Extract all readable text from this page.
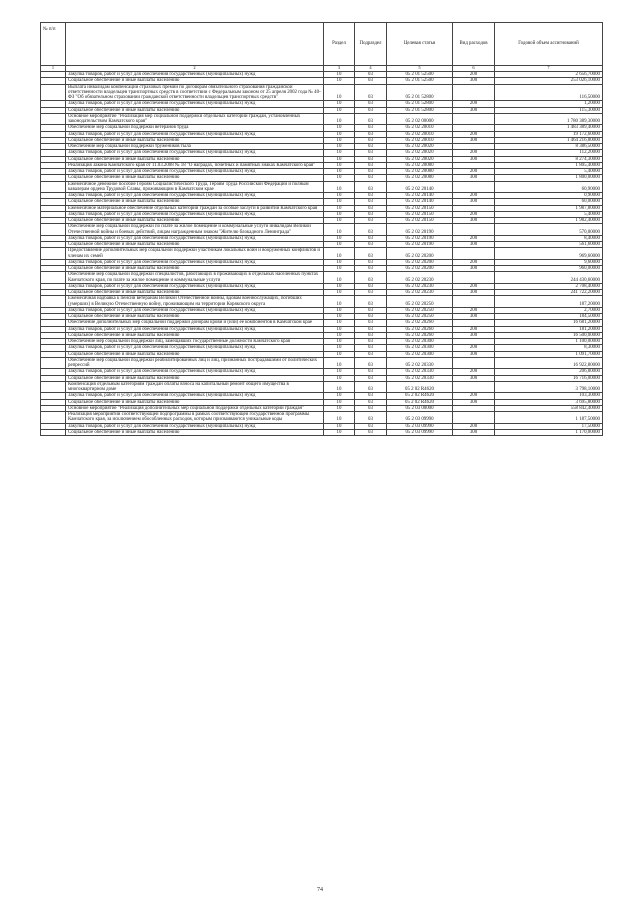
№ п/п		Раздел	Подраздел	Целевая статья	Вид расходов	Годовой объем ассигнований
1	2	3	4	5	6	7
	Закупка товаров, работ и услуг для обеспечения государственных (муниципальных) нужд	10	03	05 2 01 52500	200	2 656,70000
	Социальное обеспечение и иные выплаты населению	10	03	05 2 01 52500	300	253 026,10000
	Выплата инвалидам компенсаций страховых премий по договорам обязательного страхования гражданской ответственности владельцев транспортных средств в соответствии с Федеральным законом от 25 апреля 2002 года № 40-ФЗ "Об обязательном страховании гражданской ответственности владельцев транспортных средств"	10	03	05 2 01 52800		116,50000
	Закупка товаров, работ и услуг для обеспечения государственных (муниципальных) нужд	10	03	05 2 01 52800	200	1,20000
	Социальное обеспечение и иные выплаты населению	10	03	05 2 01 52800	300	115,30000
	Основное мероприятие "Реализация мер социальной поддержки отдельных категорий граждан, установленных законодательством Камчатского края"	10	03	05 2 02 00000		1 780 389,30000
	Обеспечение мер социальной поддержки ветеранов труда	10	03	05 2 02 20010		1 483 389,40000
	Закупка товаров, работ и услуг для обеспечения государственных (муниципальных) нужд	10	03	05 2 02 20010	200	19 172,60000
	Социальное обеспечение и иные выплаты населению	10	03	05 2 02 20010	300	1 464 216,80000
	Обеспечение мер социальной поддержки тружеников тыла	10	03	05 2 02 20020		8 386,50000
	Закупка товаров, работ и услуг для обеспечения государственных (муниципальных) нужд	10	03	05 2 02 20020	200	112,20000
	Социальное обеспечение и иные выплаты населению	10	03	05 2 02 20020	300	8 274,30000
	Реализация Закона Камчатского края от 11.03.2008 № 18 "О наградах, почетных и памятных знаках Камчатского края"	10	03	05 2 02 20080		1 805,40000
	Закупка товаров, работ и услуг для обеспечения государственных (муниципальных) нужд	10	03	05 2 02 20080	200	5,40000
	Социальное обеспечение и иные выплаты населению	10	03	05 2 02 20080	300	1 800,00000
	Ежемесячное денежное пособие Героям Социалистического Труда, Героям Труда Российской Федерации и полным кавалерам ордена Трудовой Славы, проживающим в Камчатском крае	10	03	05 2 02 20140		60,90000
	Закупка товаров, работ и услуг для обеспечения государственных (муниципальных) нужд	10	03	05 2 02 20140	200	0,90000
	Социальное обеспечение и иные выплаты населению	10	03	05 2 02 20140	300	60,00000
	Ежемесячное материальное обеспечение отдельных категорий граждан за особые заслуги в развитии Камчатского края	10	03	05 2 02 20150		1 987,80000
	Закупка товаров, работ и услуг для обеспечения государственных (муниципальных) нужд	10	03	05 2 02 20150	200	5,40000
	Социальное обеспечение и иные выплаты населению	10	03	05 2 02 20150	300	1 982,40000
	Обеспечение мер социальной поддержки по плате за жилое помещение и коммунальные услуги инвалидам Великой Отечественной войны и боевых действий, лицам награжденным знаком "Жителю блокадного Ленинграда"	10	03	05 2 02 20190		570,00000
	Закупка товаров, работ и услуг для обеспечения государственных (муниципальных) нужд	10	03	05 2 02 20190	200	8,40000
	Социальное обеспечение и иные выплаты населению	10	03	05 2 02 20190	300	561,60000
	Предоставление дополнительных мер социальной поддержки участникам локальных войн и вооруженных конфликтов и членам их семей	10	03	05 2 02 20200		969,60000
	Закупка товаров, работ и услуг для обеспечения государственных (муниципальных) нужд	10	03	05 2 02 20200	200	9,60000
	Социальное обеспечение и иные выплаты населению	10	03	05 2 02 20200	300	960,00000
	Обеспечение мер социальной поддержки специалистов, работающих в проживающих в отдельных населенных пунктах Камчатского края, по плате за жилое помещение и коммунальные услуги	10	03	05 2 02 20230		244 430,60000
	Закупка товаров, работ и услуг для обеспечения государственных (муниципальных) нужд	10	03	05 2 02 20230	200	2 708,40000
	Социальное обеспечение и иные выплаты населению	10	03	05 2 02 20230	300	241 722,20000
	Ежемесячная надбавка к пенсии ветеранам Великой Отечественной войны, вдовам военнослужащих, погибших (умерших) в Великую Отечественную войну, проживающим на территории Корякского округа	10	03	05 2 02 20250		187,20000
	Закупка товаров, работ и услуг для обеспечения государственных (муниципальных) нужд	10	03	05 2 02 20250	200	2,70000
	Социальное обеспечение и иные выплаты населению	10	03	05 2 02 20250	300	184,50000
	Обеспечение дополнительных мер социальной поддержки донорам крови и (или) ее компонентов в Камчатском крае	10	03	05 2 02 20260		16 681,20000
	Закупка товаров, работ и услуг для обеспечения государственных (муниципальных) нужд	10	03	05 2 02 20260	200	181,20000
	Социальное обеспечение и иные выплаты населению	10	03	05 2 02 20260	300	16 500,00000
	Обеспечение мер социальной поддержки лиц, замещавших государственные должности Камчатского края	10	03	05 2 02 20300		1 100,00000
	Закупка товаров, работ и услуг для обеспечения государственных (муниципальных) нужд	10	03	05 2 02 20300	200	8,30000
	Социальное обеспечение и иные выплаты населению	10	03	05 2 02 20300	300	1 091,70000
	Обеспечение мер социальной поддержки реабилитированных лиц и лиц, признанных пострадавшими от политических репрессий	10	03	05 2 02 20330		16 922,80000
	Закупка товаров, работ и услуг для обеспечения государственных (муниципальных) нужд	10	03	05 2 02 20330	200	206,80000
	Социальное обеспечение и иные выплаты населению	10	03	05 2 02 20330	300	16 716,00000
	Компенсация отдельным категориям граждан оплаты взноса на капитальный ремонт общего имущества в многоквартирном доме	10	03	05 2 02 R4620		3 798,10000
	Закупка товаров, работ и услуг для обеспечения государственных (муниципальных) нужд	10	03	05 2 02 R4620	200	103,30000
	Социальное обеспечение и иные выплаты населению	10	03	05 2 02 R4620	300	3 695,80000
	Основное мероприятие "Реализация дополнительных мер социальной поддержки отдельных категорий граждан"	10	03	05 2 03 00000		558 842,40000
	Реализация мероприятий соответствующей подпрограммы в рамках соответствующей государственной программы Камчатского края, за исключением обособленных расходов, которым присваиваются уникальные коды	10	03	05 2 03 09990		1 187,50000
	Закупка товаров, работ и услуг для обеспечения государственных (муниципальных) нужд	10	03	05 2 03 09990	200	17,50000
	Социальное обеспечение и иные выплаты населению	10	03	05 2 03 09990	300	1 170,00000
74
